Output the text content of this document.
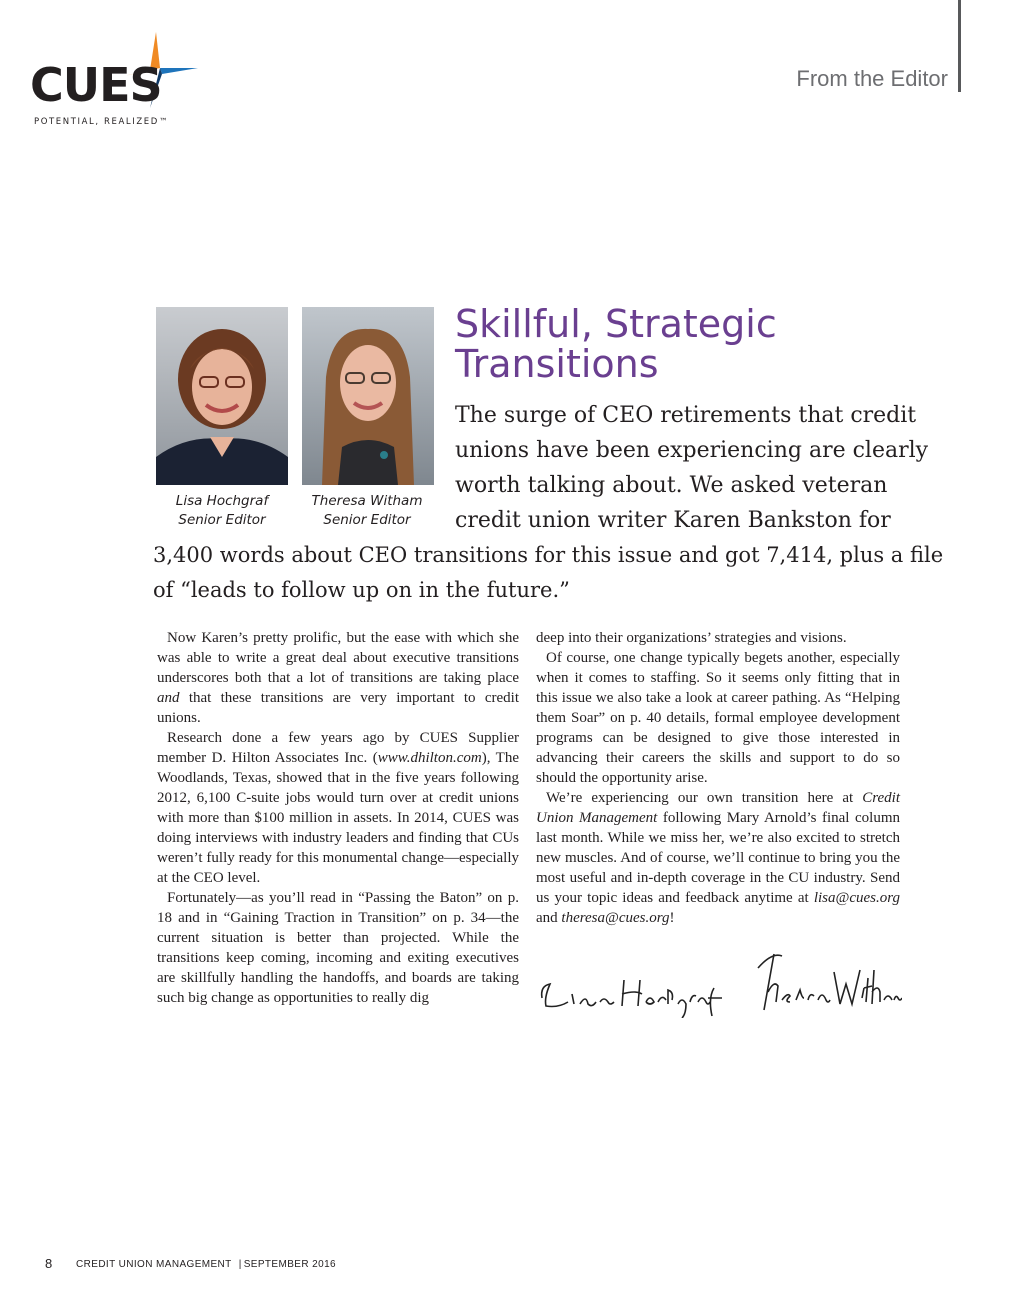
CUES
POTENTIAL, REALIZED™
From the Editor
Lisa Hochgraf
Senior Editor
Theresa Witham
Senior Editor
Skillful, Strategic
Transitions
The surge of CEO retirements that credit
unions have been experiencing are clearly
worth talking about. We asked veteran
credit union writer Karen Bankston for
3,400 words about CEO transitions for this issue and got 7,414, plus a file
of “leads to follow up on in the future.”

Now Karen’s pretty prolific, but the ease with which she was able to write a great deal about executive transitions underscores both that a lot of transitions are taking place and that these transitions are very important to credit unions.

Research done a few years ago by CUES Supplier member D. Hilton Associates Inc. (www.dhilton.com), The Woodlands, Texas, showed that in the five years following 2012, 6,100 C-suite jobs would turn over at credit unions with more than $100 million in assets. In 2014, CUES was doing interviews with industry leaders and finding that CUs weren’t fully ready for this monumental change—especially at the CEO level.

Fortunately—as you’ll read in “Passing the Baton” on p. 18 and in “Gaining Traction in Transition” on p. 34—the current situation is better than projected. While the transitions keep coming, incoming and exiting executives are skillfully handling the handoffs, and boards are taking such big change as opportunities to really dig

deep into their organizations’ strategies and visions.

Of course, one change typically begets another, especially when it comes to staffing. So it seems only fitting that in this issue we also take a look at career pathing. As “Helping them Soar” on p. 40 details, formal employee development programs can be designed to give those interested in advancing their careers the skills and support to do so should the opportunity arise.

We’re experiencing our own transition here at Credit Union Management following Mary Arnold’s final column last month. While we miss her, we’re also excited to stretch new muscles. And of course, we’ll continue to bring you the most useful and in-depth coverage in the CU industry. Send us your topic ideas and feedback anytime at lisa@cues.org and theresa@cues.org!

8 CREDIT UNION MANAGEMENT | SEPTEMBER 2016
